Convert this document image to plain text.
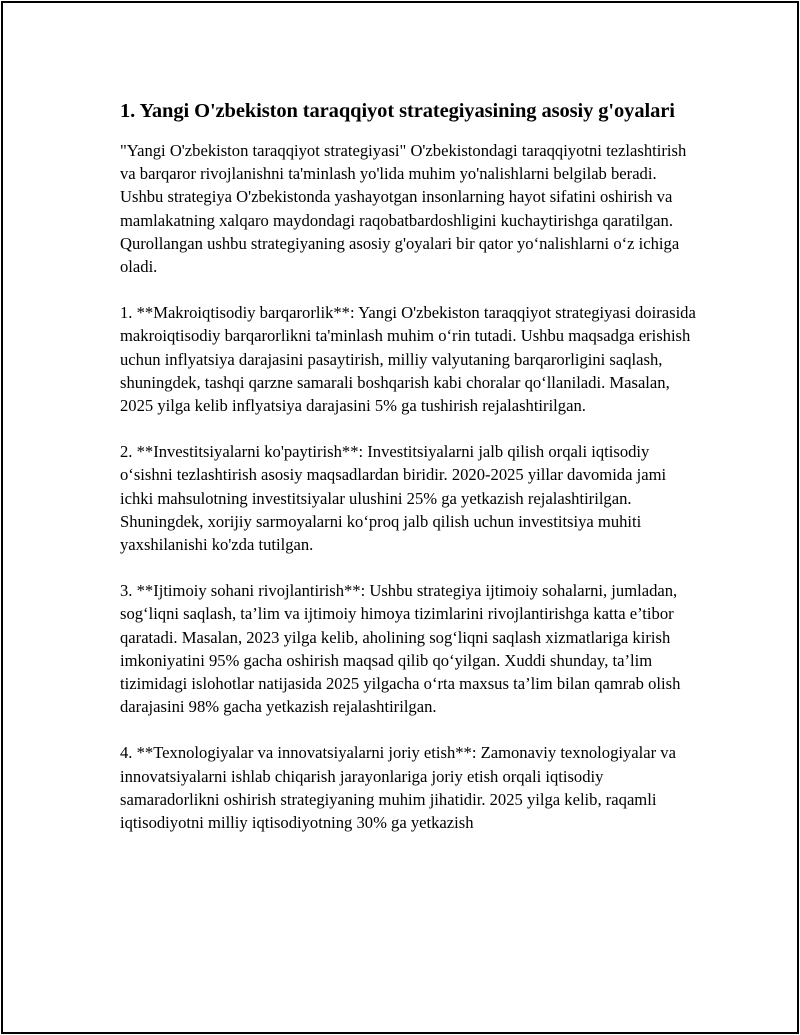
1. Yangi O'zbekiston taraqqiyot strategiyasining asosiy g'oyalari

"Yangi O'zbekiston taraqqiyot strategiyasi" O'zbekistondagi taraqqiyotni tezlashtirish va barqaror rivojlanishni ta'minlash yo'lida muhim yo'nalishlarni belgilab beradi. Ushbu strategiya O'zbekistonda yashayotgan insonlarning hayot sifatini oshirish va mamlakatning xalqaro maydondagi raqobatbardoshligini kuchaytirishga qaratilgan. Qurollangan ushbu strategiyaning asosiy g'oyalari bir qator yo‘nalishlarni o‘z ichiga oladi.

1. **Makroiqtisodiy barqarorlik**: Yangi O'zbekiston taraqqiyot strategiyasi doirasida makroiqtisodiy barqarorlikni ta'minlash muhim o‘rin tutadi. Ushbu maqsadga erishish uchun inflyatsiya darajasini pasaytirish, milliy valyutaning barqarorligini saqlash, shuningdek, tashqi qarzne samarali boshqarish kabi choralar qo‘llaniladi. Masalan, 2025 yilga kelib inflyatsiya darajasini 5% ga tushirish rejalashtirilgan.

2. **Investitsiyalarni ko'paytirish**: Investitsiyalarni jalb qilish orqali iqtisodiy o‘sishni tezlashtirish asosiy maqsadlardan biridir. 2020-2025 yillar davomida jami ichki mahsulotning investitsiyalar ulushini 25% ga yetkazish rejalashtirilgan. Shuningdek, xorijiy sarmoyalarni ko‘proq jalb qilish uchun investitsiya muhiti yaxshilanishi ko'zda tutilgan.

3. **Ijtimoiy sohani rivojlantirish**: Ushbu strategiya ijtimoiy sohalarni, jumladan, sog‘liqni saqlash, ta’lim va ijtimoiy himoya tizimlarini rivojlantirishga katta e’tibor qaratadi. Masalan, 2023 yilga kelib, aholining sog‘liqni saqlash xizmatlariga kirish imkoniyatini 95% gacha oshirish maqsad qilib qo‘yilgan. Xuddi shunday, ta’lim tizimidagi islohotlar natijasida 2025 yilgacha o‘rta maxsus ta’lim bilan qamrab olish darajasini 98% gacha yetkazish rejalashtirilgan.

4. **Texnologiyalar va innovatsiyalarni joriy etish**: Zamonaviy texnologiyalar va innovatsiyalarni ishlab chiqarish jarayonlariga joriy etish orqali iqtisodiy samaradorlikni oshirish strategiyaning muhim jihatidir. 2025 yilga kelib, raqamli iqtisodiyotni milliy iqtisodiyotning 30% ga yetkazish
